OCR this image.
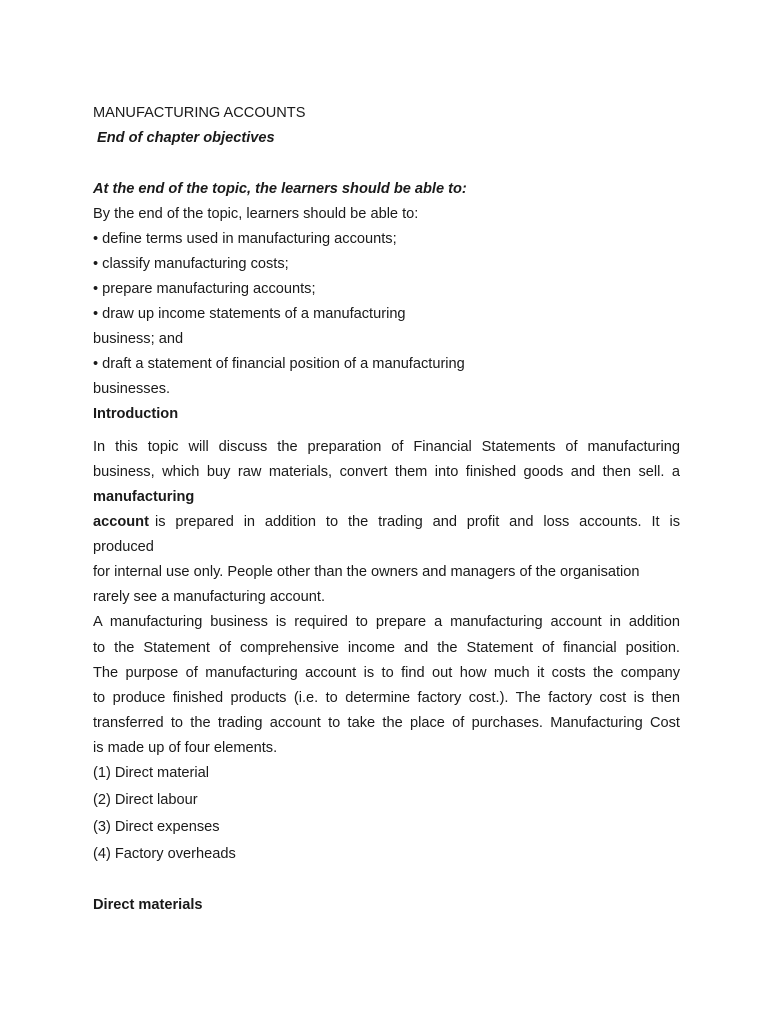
MANUFACTURING ACCOUNTS
End of chapter objectives
At the end of the topic, the learners should be able to:
By the end of the topic, learners should be able to:
• define terms used in manufacturing accounts;
• classify manufacturing costs;
• prepare manufacturing accounts;
• draw up income statements of a manufacturing
business; and
• draft a statement of financial position of a manufacturing
businesses.
Introduction
In this topic will discuss the preparation of Financial Statements of manufacturing
business, which buy raw materials, convert them into finished goods and then sell. a
manufacturing
account is prepared in addition to the trading and profit and loss accounts. It is
produced
for internal use only. People other than the owners and managers of the organisation
rarely see a manufacturing account.
A manufacturing business is required to prepare a manufacturing account in addition
to the Statement of comprehensive income and the Statement of financial position.
The purpose of manufacturing account is to find out how much it costs the company
to produce finished products (i.e. to determine factory cost.). The factory cost is then
transferred to the trading account to take the place of purchases. Manufacturing Cost
is made up of four elements.
(1) Direct material
(2) Direct labour
(3) Direct expenses
(4) Factory overheads
Direct materials
